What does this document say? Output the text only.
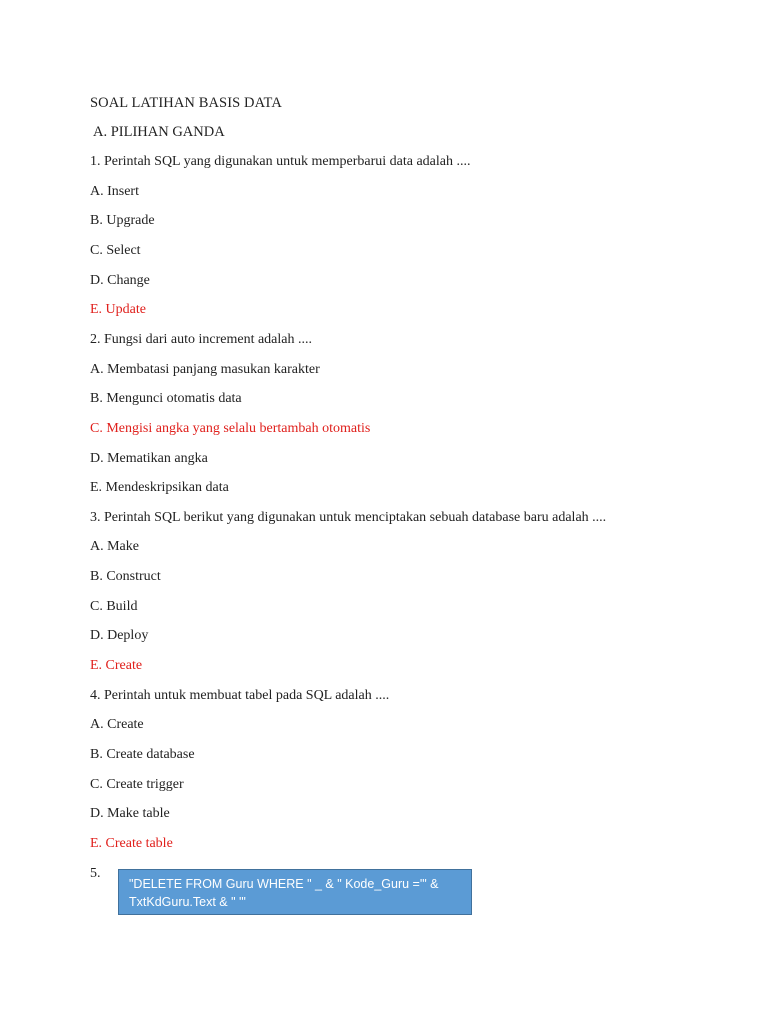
SOAL LATIHAN BASIS DATA
A. PILIHAN GANDA
1. Perintah SQL yang digunakan untuk memperbarui data adalah ....
A. Insert
B. Upgrade
C. Select
D. Change
E. Update
2. Fungsi dari auto increment adalah ....
A. Membatasi panjang masukan karakter
B. Mengunci otomatis data
C. Mengisi angka yang selalu bertambah otomatis
D. Mematikan angka
E. Mendeskripsikan data
3. Perintah SQL berikut yang digunakan untuk menciptakan sebuah database baru adalah ....
A. Make
B. Construct
C. Build
D. Deploy
E. Create
4. Perintah untuk membuat tabel pada SQL adalah ....
A. Create
B. Create database
C. Create trigger
D. Make table
E. Create table
5.
"DELETE FROM Guru WHERE " _ & " Kode_Guru ='" &
TxtKdGuru.Text & " '"
